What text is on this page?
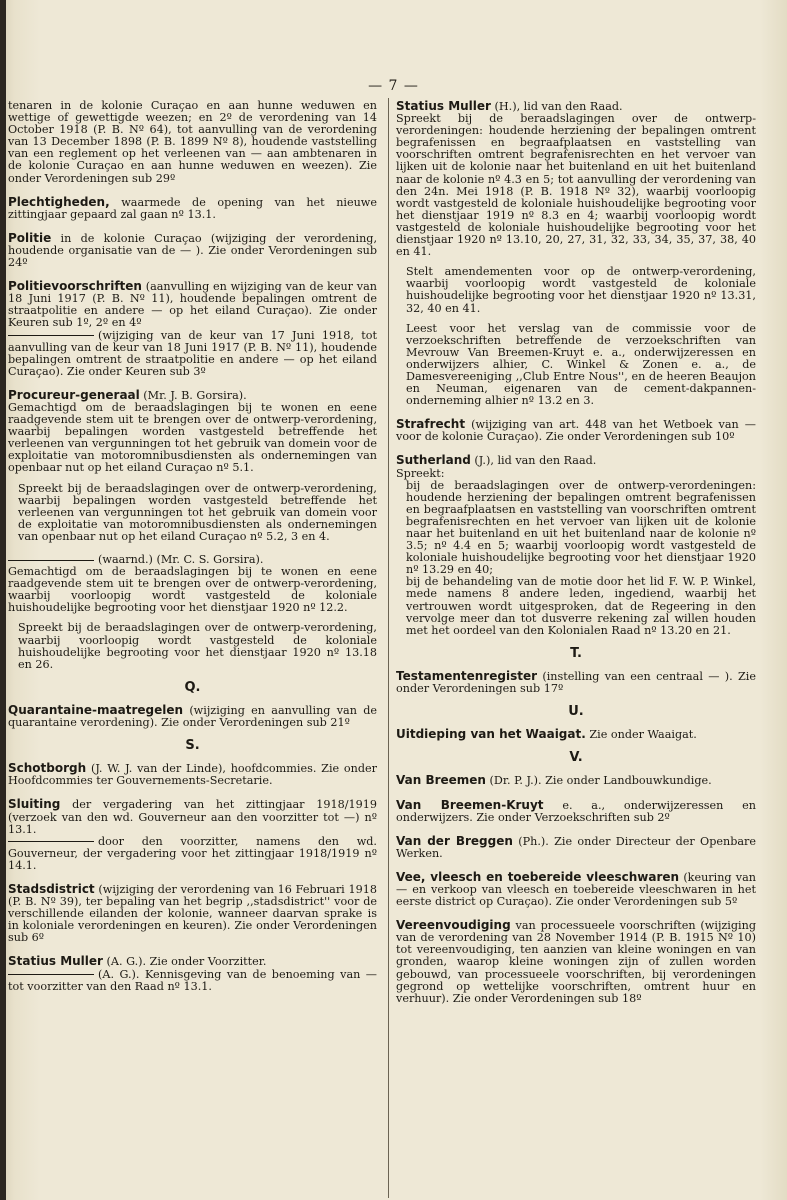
— 7 —

tenaren in de kolonie Curaçao en aan hunne weduwen en wettige of gewettigde weezen; en 2º de verordening van 14 October 1918 (P. B. Nº 64), tot aanvulling van de verordening van 13 December 1898 (P. B. 1899 Nº 8), houdende vaststelling van een reglement op het verleenen van — aan ambtenaren in de kolonie Curaçao en aan hunne weduwen en weezen). Zie onder Verordeningen sub 29º

Plechtigheden, waarmede de opening van het nieuwe zittingjaar gepaard zal gaan nº 13.1.

Politie in de kolonie Curaçao (wijziging der verordening, houdende organisatie van de — ). Zie onder Verordeningen sub 24º

Politievoorschriften (aanvulling en wijziging van de keur van 18 Juni 1917 (P. B. Nº 11), houdende bepalingen omtrent de straatpolitie en andere — op het eiland Curaçao). Zie onder Keuren sub 1º, 2º en 4º

(wijziging van de keur van 17 Juni 1918, tot aanvulling van de keur van 18 Juni 1917 (P. B. Nº 11), houdende bepalingen omtrent de straatpolitie en andere — op het eiland Curaçao). Zie onder Keuren sub 3º

Procureur-generaal (Mr. J. B. Gorsira).

Gemachtigd om de beraadslagingen bij te wonen en eene raadgevende stem uit te brengen over de ontwerp-verordening, waarbij bepalingen worden vastgesteld betreffende het verleenen van vergunningen tot het gebruik van domein voor de exploitatie van motoromnibusdiensten als ondernemingen van openbaar nut op het eiland Curaçao nº 5.1.

Spreekt bij de beraadslagingen over de ontwerp-verordening, waarbij bepalingen worden vastgesteld betreffende het verleenen van vergunningen tot het gebruik van domein voor de exploitatie van motoromnibusdiensten als ondernemingen van openbaar nut op het eiland Curaçao nº 5.2, 3 en 4.

(waarnd.) (Mr. C. S. Gorsira).

Gemachtigd om de beraadslagingen bij te wonen en eene raadgevende stem uit te brengen over de ontwerp-verordening, waarbij voorloopig wordt vastgesteld de koloniale huishoudelijke begrooting voor het dienstjaar 1920 nº 12.2.

Spreekt bij de beraadslagingen over de ontwerp-verordening, waarbij voorloopig wordt vastgesteld de koloniale huishoudelijke begrooting voor het dienstjaar 1920 nº 13.18 en 26.

Q.

Quarantaine-maatregelen (wijziging en aanvulling van de quarantaine verordening). Zie onder Verordeningen sub 21º

S.

Schotborgh (J. W. J. van der Linde), hoofdcommies. Zie onder Hoofdcommies ter Gouvernements-Secretarie.

Sluiting der vergadering van het zittingjaar 1918/1919 (verzoek van den wd. Gouverneur aan den voorzitter tot —) nº 13.1.

door den voorzitter, namens den wd. Gouverneur, der vergadering voor het zittingjaar 1918/1919 nº 14.1.

Stadsdistrict (wijziging der verordening van 16 Februari 1918 (P. B. Nº 39), ter bepaling van het begrip ,,stadsdistrict'' voor de verschillende eilanden der kolonie, wanneer daarvan sprake is in koloniale verordeningen en keuren). Zie onder Verordeningen sub 6º

Statius Muller (A. G.). Zie onder Voorzitter.

(A. G.). Kennisgeving van de benoeming van — tot voorzitter van den Raad nº 13.1.

Statius Muller (H.), lid van den Raad.

Spreekt bij de beraadslagingen over de ontwerp-verordeningen: houdende herziening der bepalingen omtrent begrafenissen en begraafplaatsen en vaststelling van voorschriften omtrent begrafenisrechten en het vervoer van lijken uit de kolonie naar het buitenland en uit het buitenland naar de kolonie nº 4.3 en 5; tot aanvulling der verordening van den 24n. Mei 1918 (P. B. 1918 Nº 32), waarbij voorloopig wordt vastgesteld de koloniale huishoudelijke begrooting voor het dienstjaar 1919 nº 8.3 en 4; waarbij voorloopig wordt vastgesteld de koloniale huishoudelijke begrooting voor het dienstjaar 1920 nº 13.10, 20, 27, 31, 32, 33, 34, 35, 37, 38, 40 en 41.

Stelt amendementen voor op de ontwerp-verordening, waarbij voorloopig wordt vastgesteld de koloniale huishoudelijke begrooting voor het dienstjaar 1920 nº 13.31, 32, 40 en 41.

Leest voor het verslag van de commissie voor de verzoekschriften betreffende de verzoekschriften van Mevrouw Van Breemen-Kruyt e. a., onderwijzeressen en onderwijzers alhier, C. Winkel & Zonen e. a., de Damesvereeniging ,,Club Entre Nous'', en de heeren Beaujon en Neuman, eigenaren van de cement-dakpannen-onderneming alhier nº 13.2 en 3.

Strafrecht (wijziging van art. 448 van het Wetboek van — voor de kolonie Curaçao). Zie onder Verordeningen sub 10º

Sutherland (J.), lid van den Raad.

Spreekt:

bij de beraadslagingen over de ontwerp-verordeningen: houdende herziening der bepalingen omtrent begrafenissen en begraafplaatsen en vaststelling van voorschriften omtrent begrafenisrechten en het vervoer van lijken uit de kolonie naar het buitenland en uit het buitenland naar de kolonie nº 3.5; nº 4.4 en 5; waarbij voorloopig wordt vastgesteld de koloniale huishoudelijke begrooting voor het dienstjaar 1920 nº 13.29 en 40;

bij de behandeling van de motie door het lid F. W. P. Winkel, mede namens 8 andere leden, ingediend, waarbij het vertrouwen wordt uitgesproken, dat de Regeering in den vervolge meer dan tot dusverre rekening zal willen houden met het oordeel van den Kolonialen Raad nº 13.20 en 21.

T.

Testamentenregister (instelling van een centraal — ). Zie onder Verordeningen sub 17º

U.

Uitdieping van het Waaigat. Zie onder Waaigat.

V.

Van Breemen (Dr. P. J.). Zie onder Landbouwkundige.

Van Breemen-Kruyt e. a., onderwijzeressen en onderwijzers. Zie onder Verzoekschriften sub 2º

Van der Breggen (Ph.). Zie onder Directeur der Openbare Werken.

Vee, vleesch en toebereide vleeschwaren (keuring van — en verkoop van vleesch en toebereide vleeschwaren in het eerste district op Curaçao). Zie onder Verordeningen sub 5º

Vereenvoudiging van processueele voorschriften (wijziging van de verordening van 28 November 1914 (P. B. 1915 Nº 10) tot vereenvoudiging, ten aanzien van kleine woningen en van gronden, waarop kleine woningen zijn of zullen worden gebouwd, van processueele voorschriften, bij verordeningen gegrond op wettelijke voorschriften, omtrent huur en verhuur). Zie onder Verordeningen sub 18º
